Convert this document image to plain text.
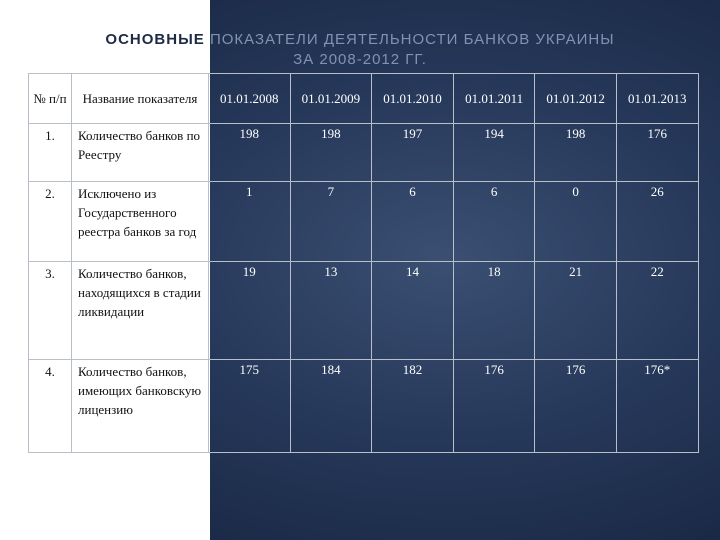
ОСНОВНЫЕ ПОКАЗАТЕЛИ ДЕЯТЕЛЬНОСТИ БАНКОВ УКРАИНЫ
ЗА 2008-2012 ГГ.
№ п/п	Название показателя	01.01.2008	01.01.2009	01.01.2010	01.01.2011	01.01.2012	01.01.2013
1.	Количество банков по Реестру	198	198	197	194	198	176
2.	Исключено из Государственного реестра банков за год	1	7	6	6	0	26
3.	Количество банков, находящихся в стадии ликвидации	19	13	14	18	21	22
4.	Количество банков, имеющих банковскую лицензию	175	184	182	176	176	176*
